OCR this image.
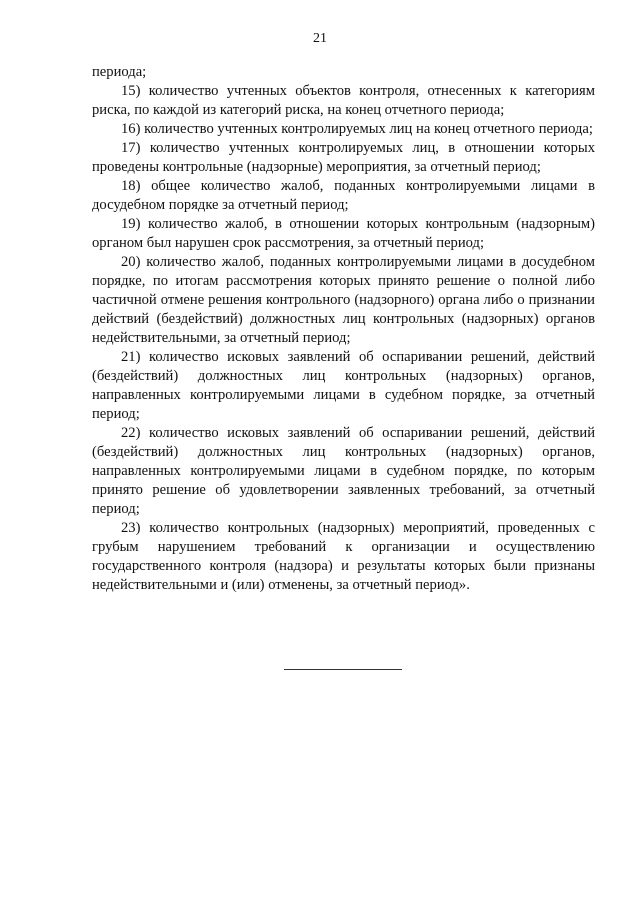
21

периода;

15) количество учтенных объектов контроля, отнесенных к категориям риска, по каждой из категорий риска, на конец отчетного периода;

16) количество учтенных контролируемых лиц на конец отчетного периода;

17) количество учтенных контролируемых лиц, в отношении которых проведены контрольные (надзорные) мероприятия, за отчетный период;

18) общее количество жалоб, поданных контролируемыми лицами в досудебном порядке за отчетный период;

19) количество жалоб, в отношении которых контрольным (надзорным) органом был нарушен срок рассмотрения, за отчетный период;

20) количество жалоб, поданных контролируемыми лицами в досудебном порядке, по итогам рассмотрения которых принято решение о полной либо частичной отмене решения контрольного (надзорного) органа либо о признании действий (бездействий) должностных лиц контрольных (надзорных) органов недействительными, за отчетный период;

21) количество исковых заявлений об оспаривании решений, действий (бездействий) должностных лиц контрольных (надзорных) органов, направленных контролируемыми лицами в судебном порядке, за отчетный период;

22) количество исковых заявлений об оспаривании решений, действий (бездействий) должностных лиц контрольных (надзорных) органов, направленных контролируемыми лицами в судебном порядке, по которым принято решение об удовлетворении заявленных требований, за отчетный период;

23) количество контрольных (надзорных) мероприятий, проведенных с грубым нарушением требований к организации и осуществлению государственного контроля (надзора) и результаты которых были признаны недействительными и (или) отменены, за отчетный период».
